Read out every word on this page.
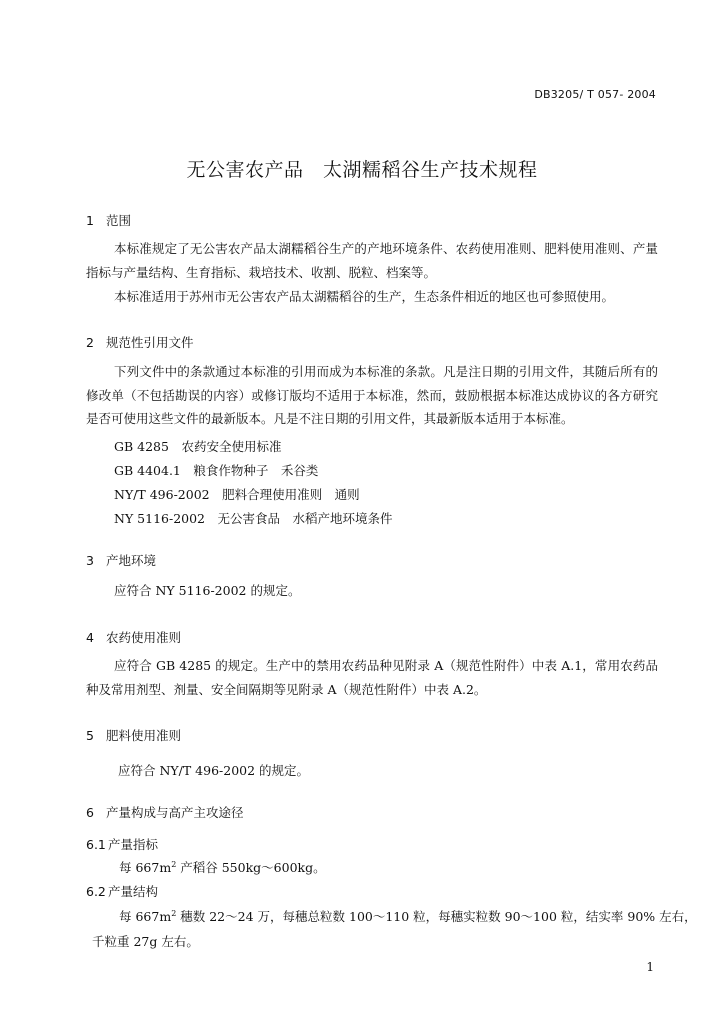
DB3205/ T 057- 2004
无公害农产品　太湖糯稻谷生产技术规程
1 范围
本标准规定了无公害农产品太湖糯稻谷生产的产地环境条件、农药使用准则、肥料使用准则、产量指标与产量结构、生育指标、栽培技术、收割、脱粒、档案等。
本标准适用于苏州市无公害农产品太湖糯稻谷的生产，生态条件相近的地区也可参照使用。
2 规范性引用文件
下列文件中的条款通过本标准的引用而成为本标准的条款。凡是注日期的引用文件，其随后所有的修改单（不包括勘误的内容）或修订版均不适用于本标准，然而，鼓励根据本标准达成协议的各方研究是否可使用这些文件的最新版本。凡是不注日期的引用文件，其最新版本适用于本标准。
GB 4285　农药安全使用标准
GB 4404.1　粮食作物种子　禾谷类
NY/T 496-2002　肥料合理使用准则　通则
NY 5116-2002　无公害食品　水稻产地环境条件
3 产地环境
应符合 NY 5116-2002 的规定。
4 农药使用准则
应符合 GB 4285 的规定。生产中的禁用农药品种见附录 A（规范性附件）中表 A.1，常用农药品种及常用剂型、剂量、安全间隔期等见附录 A（规范性附件）中表 A.2。
5 肥料使用准则
应符合 NY/T 496-2002 的规定。
6 产量构成与高产主攻途径
6.1 产量指标
每 $667m^2$ 产稻谷 550kg～600kg。
6.2 产量结构
每 $667m^2$ 穗数 22～24 万，每穗总粒数 100～110 粒，每穗实粒数 90～100 粒，结实率 90% 左右，
千粒重 27g 左右。
1
